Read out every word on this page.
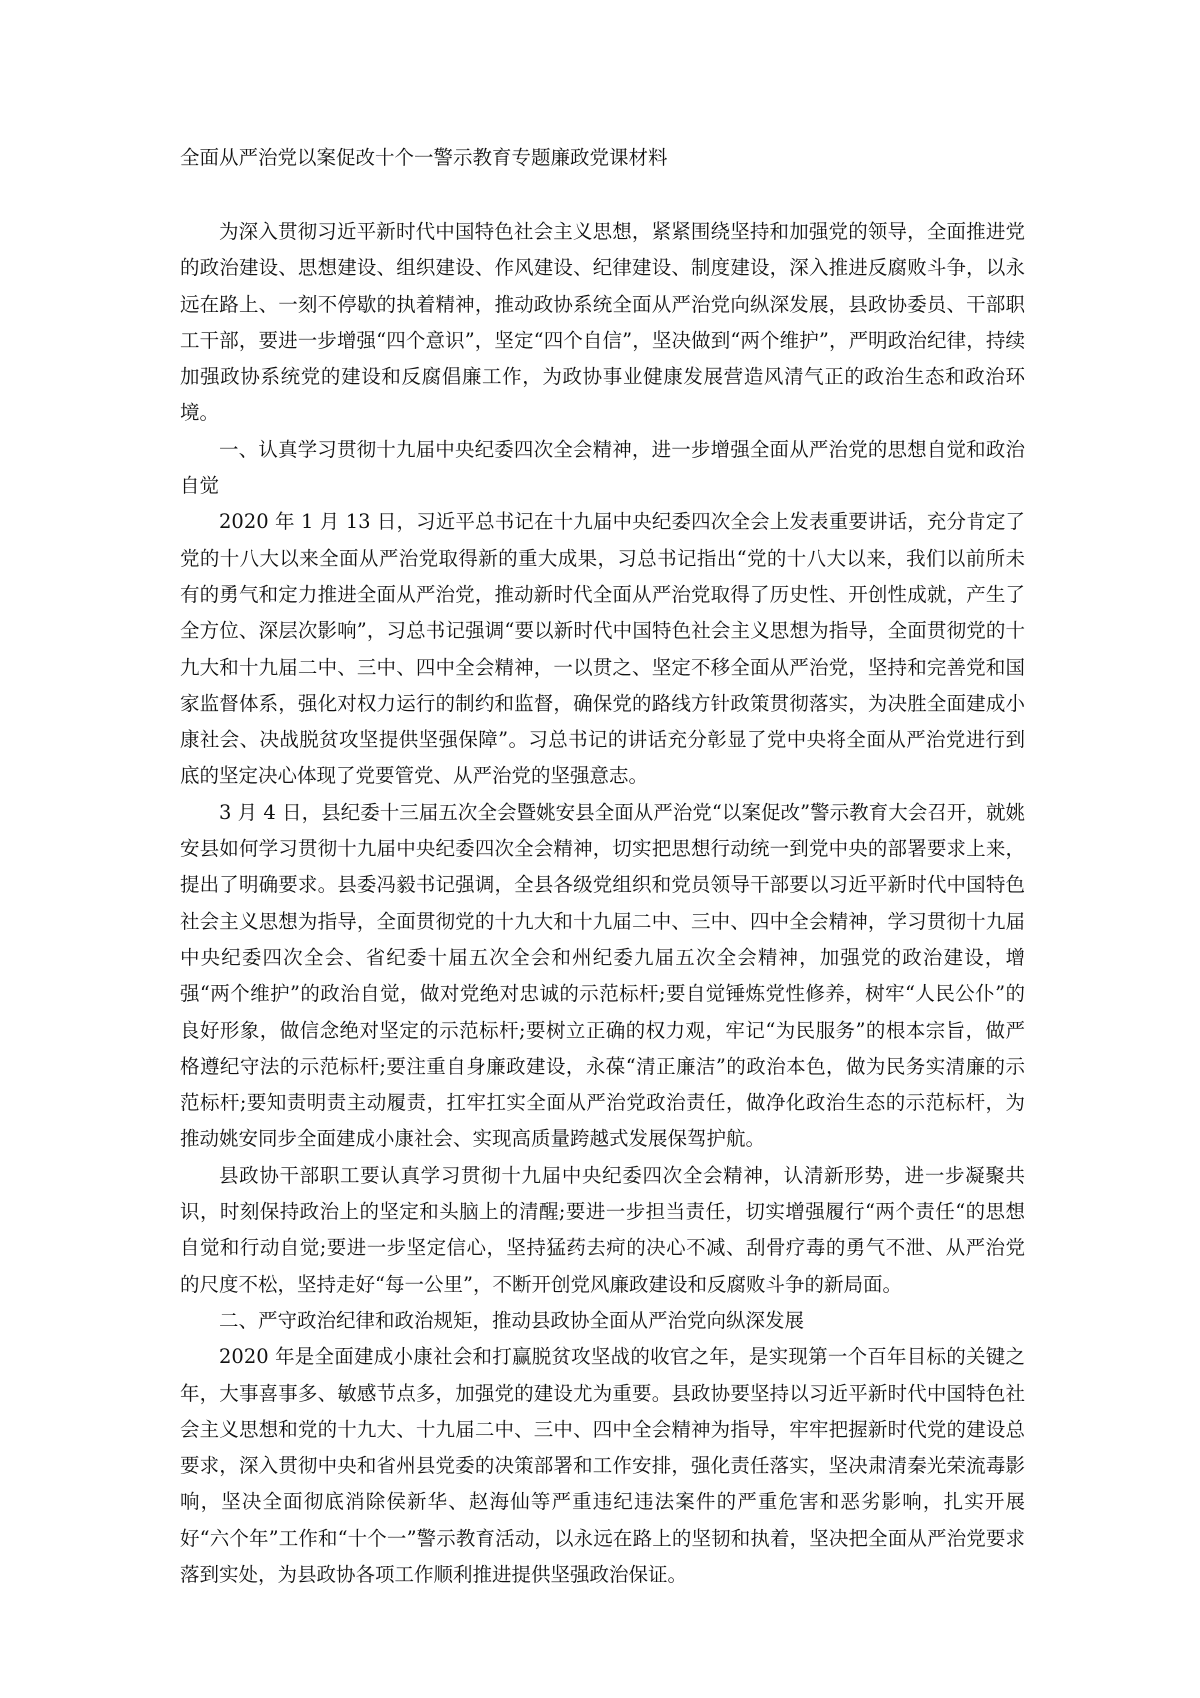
全面从严治党以案促改十个一警示教育专题廉政党课材料

为深入贯彻习近平新时代中国特色社会主义思想，紧紧围绕坚持和加强党的领导，全面推进党的政治建设、思想建设、组织建设、作风建设、纪律建设、制度建设，深入推进反腐败斗争，以永远在路上、一刻不停歇的执着精神，推动政协系统全面从严治党向纵深发展，县政协委员、干部职工干部，要进一步增强“四个意识”，坚定“四个自信”，坚决做到“两个维护”，严明政治纪律，持续加强政协系统党的建设和反腐倡廉工作，为政协事业健康发展营造风清气正的政治生态和政治环境。

一、认真学习贯彻十九届中央纪委四次全会精神，进一步增强全面从严治党的思想自觉和政治自觉

2020 年 1 月 13 日，习近平总书记在十九届中央纪委四次全会上发表重要讲话，充分肯定了党的十八大以来全面从严治党取得新的重大成果，习总书记指出“党的十八大以来，我们以前所未有的勇气和定力推进全面从严治党，推动新时代全面从严治党取得了历史性、开创性成就，产生了全方位、深层次影响”，习总书记强调“要以新时代中国特色社会主义思想为指导，全面贯彻党的十九大和十九届二中、三中、四中全会精神，一以贯之、坚定不移全面从严治党，坚持和完善党和国家监督体系，强化对权力运行的制约和监督，确保党的路线方针政策贯彻落实，为决胜全面建成小康社会、决战脱贫攻坚提供坚强保障”。习总书记的讲话充分彰显了党中央将全面从严治党进行到底的坚定决心体现了党要管党、从严治党的坚强意志。

3 月 4 日，县纪委十三届五次全会暨姚安县全面从严治党“以案促改”警示教育大会召开，就姚安县如何学习贯彻十九届中央纪委四次全会精神，切实把思想行动统一到党中央的部署要求上来，提出了明确要求。县委冯毅书记强调，全县各级党组织和党员领导干部要以习近平新时代中国特色社会主义思想为指导，全面贯彻党的十九大和十九届二中、三中、四中全会精神，学习贯彻十九届中央纪委四次全会、省纪委十届五次全会和州纪委九届五次全会精神，加强党的政治建设，增强“两个维护”的政治自觉，做对党绝对忠诚的示范标杆;要自觉锤炼党性修养，树牢“人民公仆”的良好形象，做信念绝对坚定的示范标杆;要树立正确的权力观，牢记“为民服务”的根本宗旨，做严格遵纪守法的示范标杆;要注重自身廉政建设，永葆“清正廉洁”的政治本色，做为民务实清廉的示范标杆;要知责明责主动履责，扛牢扛实全面从严治党政治责任，做净化政治生态的示范标杆，为推动姚安同步全面建成小康社会、实现高质量跨越式发展保驾护航。

县政协干部职工要认真学习贯彻十九届中央纪委四次全会精神，认清新形势，进一步凝聚共识，时刻保持政治上的坚定和头脑上的清醒;要进一步担当责任，切实增强履行“两个责任“的思想自觉和行动自觉;要进一步坚定信心，坚持猛药去疴的决心不减、刮骨疗毒的勇气不泄、从严治党的尺度不松，坚持走好“每一公里”，不断开创党风廉政建设和反腐败斗争的新局面。

二、严守政治纪律和政治规矩，推动县政协全面从严治党向纵深发展

2020 年是全面建成小康社会和打赢脱贫攻坚战的收官之年，是实现第一个百年目标的关键之年，大事喜事多、敏感节点多，加强党的建设尤为重要。县政协要坚持以习近平新时代中国特色社会主义思想和党的十九大、十九届二中、三中、四中全会精神为指导，牢牢把握新时代党的建设总要求，深入贯彻中央和省州县党委的决策部署和工作安排，强化责任落实，坚决肃清秦光荣流毒影响，坚决全面彻底消除侯新华、赵海仙等严重违纪违法案件的严重危害和恶劣影响，扎实开展好“六个年”工作和“十个一”警示教育活动，以永远在路上的坚韧和执着，坚决把全面从严治党要求落到实处，为县政协各项工作顺利推进提供坚强政治保证。
